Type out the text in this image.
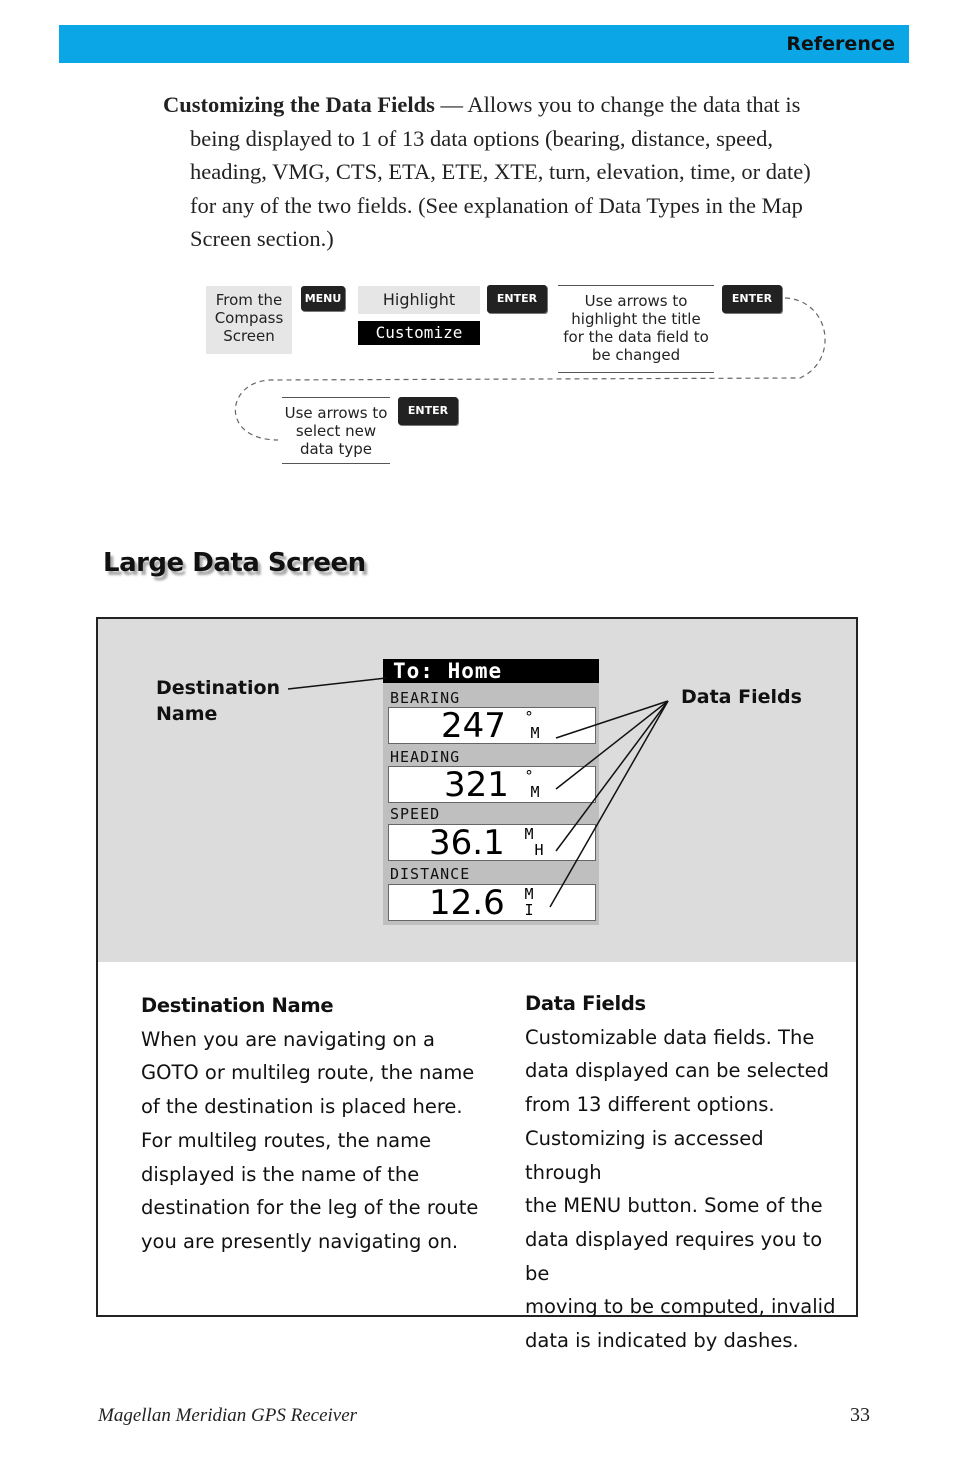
Reference
Customizing the Data Fields — Allows you to change the data that is
being displayed to 1 of 13 data options (bearing, distance, speed,
heading, VMG, CTS, ETA, ETE, XTE, turn, elevation, time, or date)
for any of the two fields. (See explanation of Data Types in the Map
Screen section.)
From the
Compass
Screen
MENU	Highlight
Customize
ENTER	Use arrows to
highlight the title
for the data field to
be changed
ENTER
Use arrows to
select new
data type
ENTER
Large Data Screen
Destination
Name
Data Fields
To: Home
BEARING
247 °
M
HEADING
321 °
M
SPEED
36.1 M
H
DISTANCE
12.6 M
I
Destination Name
When you are navigating on a
GOTO or multileg route, the name
of the destination is placed here.
For multileg routes, the name
displayed is the name of the
destination for the leg of the route
you are presently navigating on.
Data Fields
Customizable data fields. The
data displayed can be selected
from 13 different options.
Customizing is accessed through
the MENU button. Some of the
data displayed requires you to be
moving to be computed, invalid
data is indicated by dashes.
Magellan Meridian GPS Receiver	33
